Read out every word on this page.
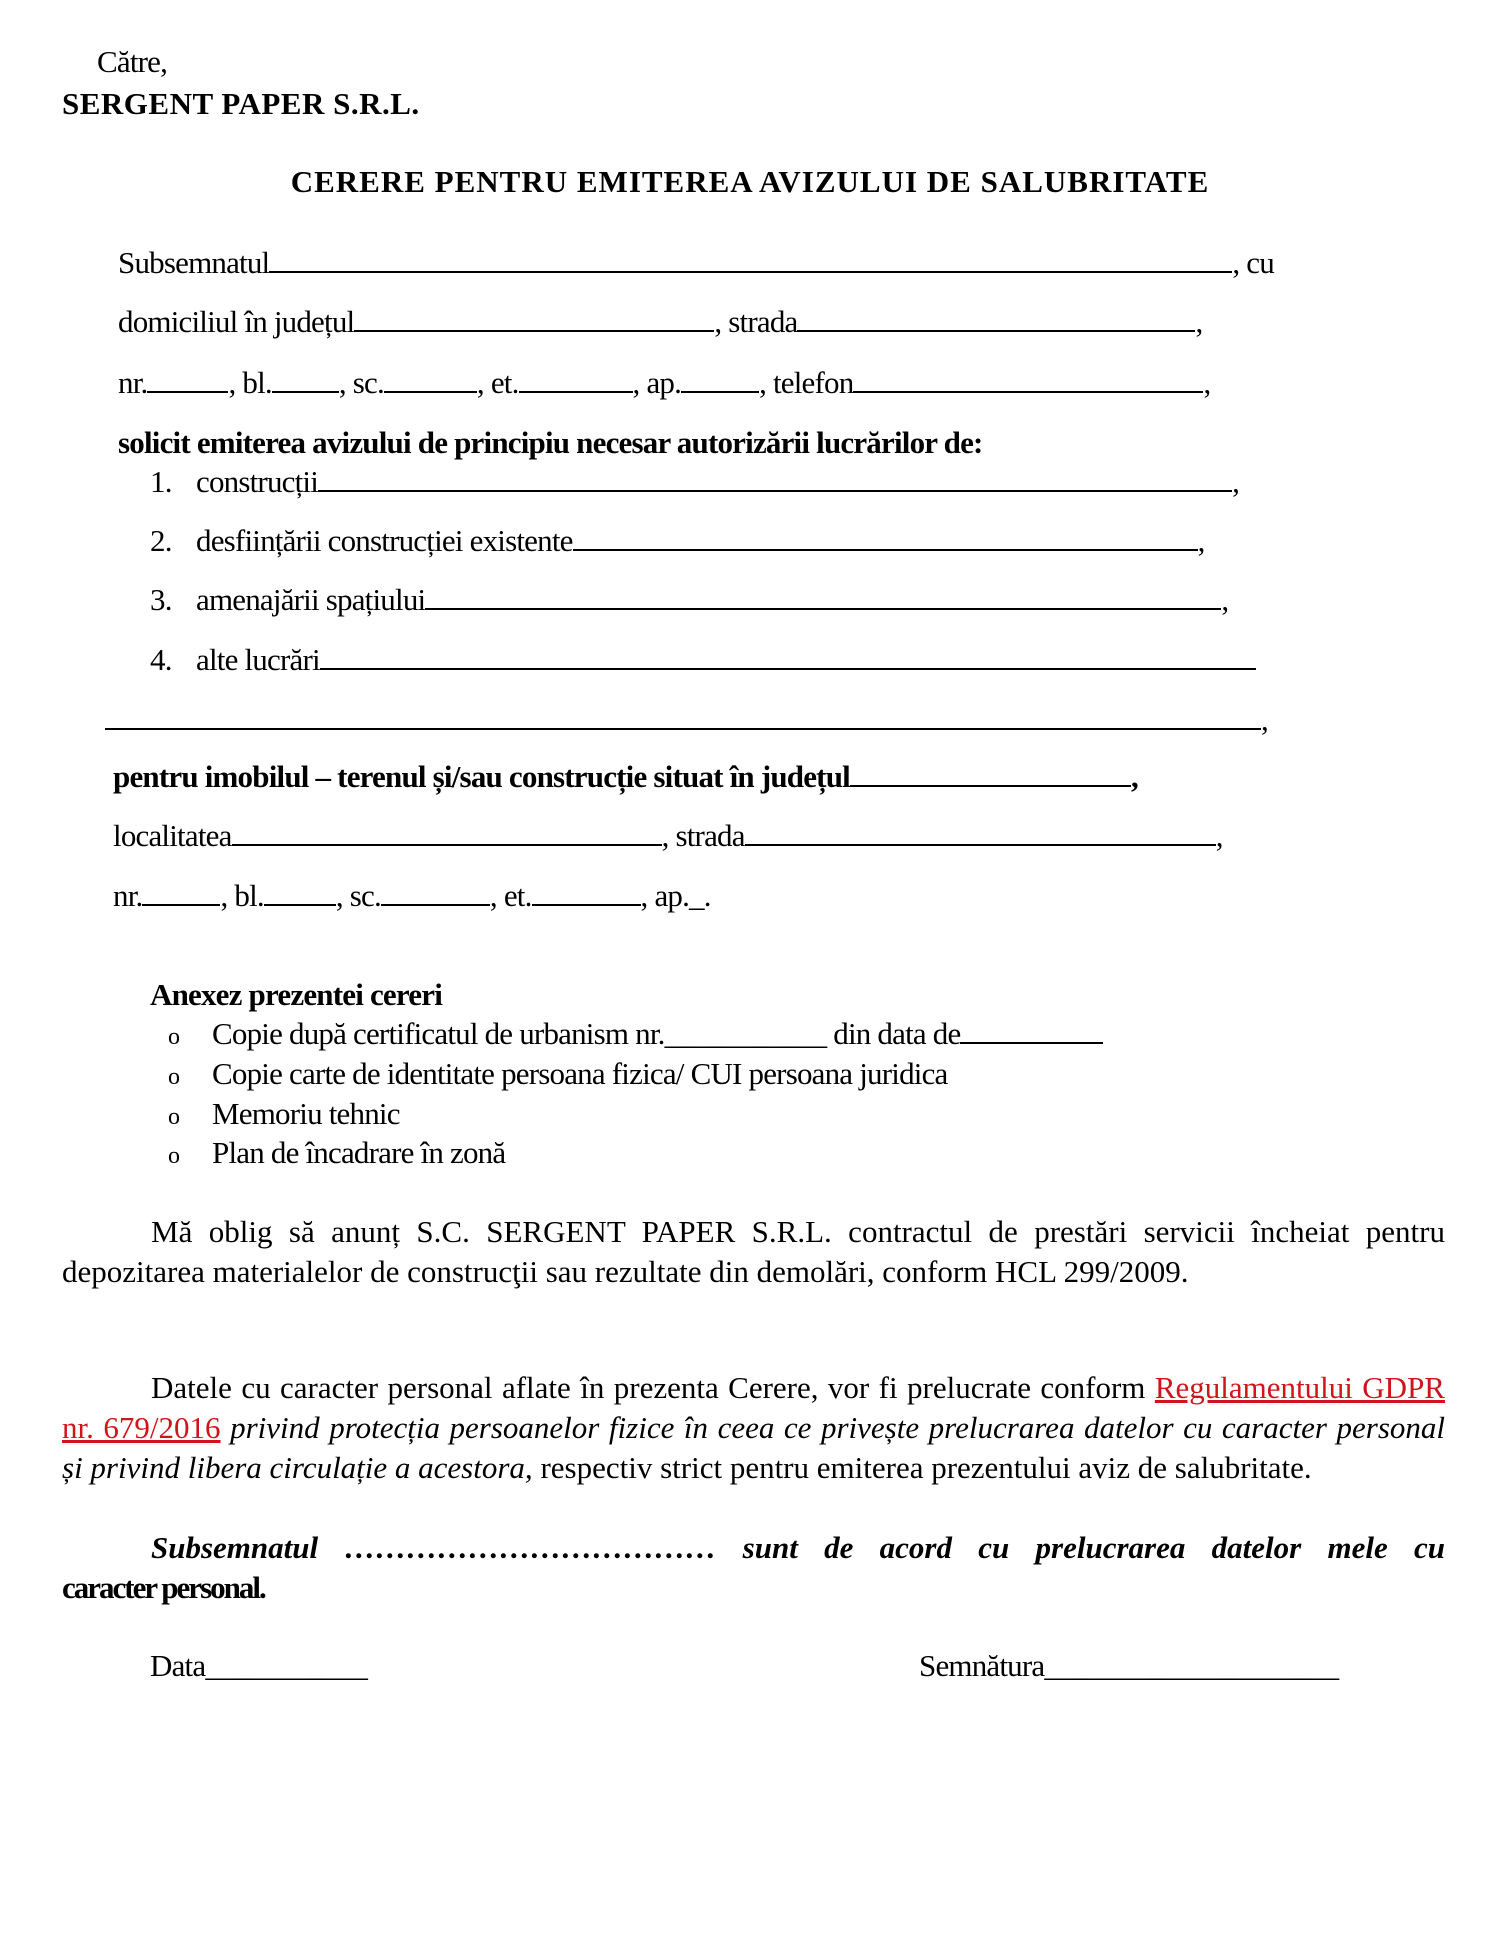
Către,
SERGENT PAPER S.R.L.
CERERE PENTRU EMITEREA AVIZULUI DE SALUBRITATE
Subsemnatul	, cu
domiciliul în județul	, strada	,
nr.	, bl. , sc.	, et.	, ap.	, telefon	,
solicit emiterea avizului de principiu necesar autorizării lucrărilor de:
1. construcții	,
2. desființării construcției existente	,
3. amenajării spațiului	,
4. alte lucrări
,
pentru imobilul – terenul și/sau construcție situat în județul	,
localitatea	, strada	,
nr.	, bl. , sc.	, et.	, ap._.
Anexez prezentei cereri
o Copie după certificatul de urbanism nr.___________ din data de
o Copie carte de identitate persoana fizica/ CUI persoana juridica
o Memoriu tehnic
o Plan de încadrare în zonă
Mă oblig să anunț S.C. SERGENT PAPER S.R.L. contractul de prestări servicii încheiat pentru depozitarea materialelor de construcţii sau rezultate din demolări, conform HCL 299/2009.
Datele cu caracter personal aflate în prezenta Cerere, vor fi prelucrate conform Regulamentului GDPR nr. 679/2016 privind protecția persoanelor fizice în ceea ce privește prelucrarea datelor cu caracter personal și privind libera circulație a acestora, respectiv strict pentru emiterea prezentului aviz de salubritate.
Subsemnatul ……………………………… sunt de acord cu prelucrarea datelor mele cu
caracter personal.
Data___________	Semnătura____________________
